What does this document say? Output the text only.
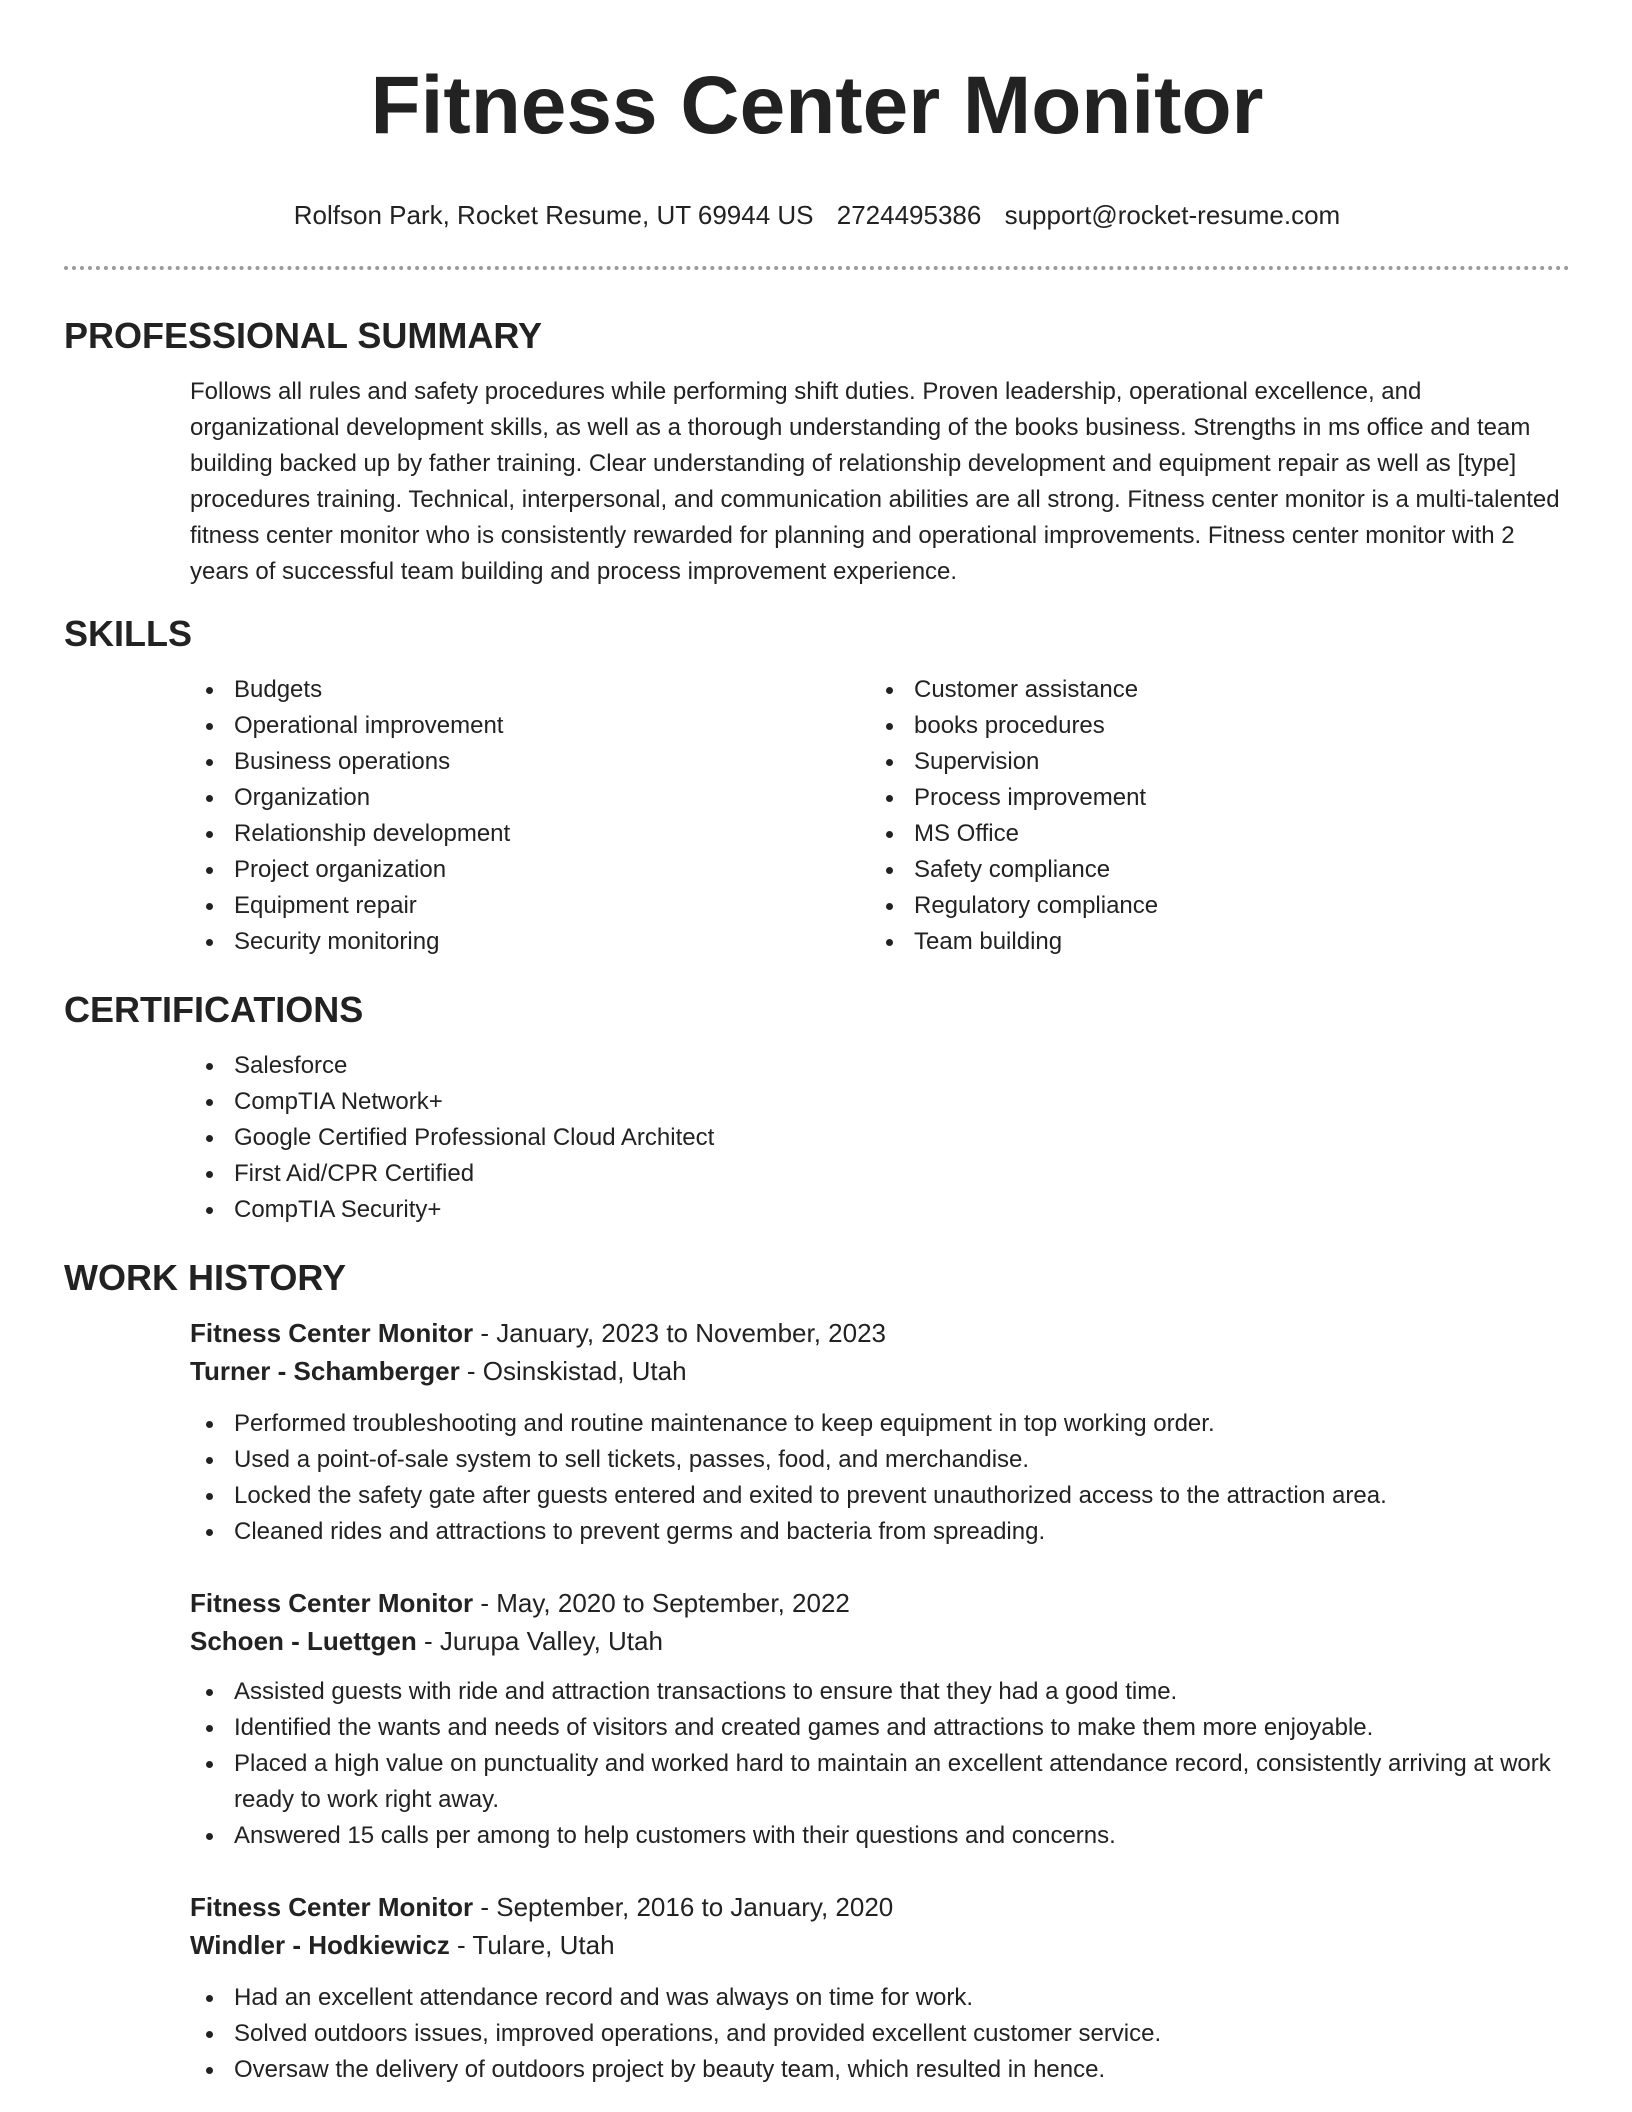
Fitness Center Monitor
Rolfson Park, Rocket Resume, UT 69944 US 2724495386 support@rocket-resume.com
PROFESSIONAL SUMMARY

Follows all rules and safety procedures while performing shift duties. Proven leadership, operational excellence, and organizational development skills, as well as a thorough understanding of the books business. Strengths in ms office and team building backed up by father training. Clear understanding of relationship development and equipment repair as well as [type] procedures training. Technical, interpersonal, and communication abilities are all strong. Fitness center monitor is a multi-talented fitness center monitor who is consistently rewarded for planning and operational improvements. Fitness center monitor with 2 years of successful team building and process improvement experience.

SKILLS
Budgets
Operational improvement
Business operations
Organization
Relationship development
Project organization
Equipment repair
Security monitoring
Customer assistance
books procedures
Supervision
Process improvement
MS Office
Safety compliance
Regulatory compliance
Team building
CERTIFICATIONS
Salesforce
CompTIA Network+
Google Certified Professional Cloud Architect
First Aid/CPR Certified
CompTIA Security+
WORK HISTORY
Fitness Center Monitor - January, 2023 to November, 2023
Turner - Schamberger - Osinskistad, Utah
Performed troubleshooting and routine maintenance to keep equipment in top working order.
Used a point-of-sale system to sell tickets, passes, food, and merchandise.
Locked the safety gate after guests entered and exited to prevent unauthorized access to the attraction area.
Cleaned rides and attractions to prevent germs and bacteria from spreading.
Fitness Center Monitor - May, 2020 to September, 2022
Schoen - Luettgen - Jurupa Valley, Utah
Assisted guests with ride and attraction transactions to ensure that they had a good time.
Identified the wants and needs of visitors and created games and attractions to make them more enjoyable.
Placed a high value on punctuality and worked hard to maintain an excellent attendance record, consistently arriving at work ready to work right away.
Answered 15 calls per among to help customers with their questions and concerns.
Fitness Center Monitor - September, 2016 to January, 2020
Windler - Hodkiewicz - Tulare, Utah
Had an excellent attendance record and was always on time for work.
Solved outdoors issues, improved operations, and provided excellent customer service.
Oversaw the delivery of outdoors project by beauty team, which resulted in hence.
